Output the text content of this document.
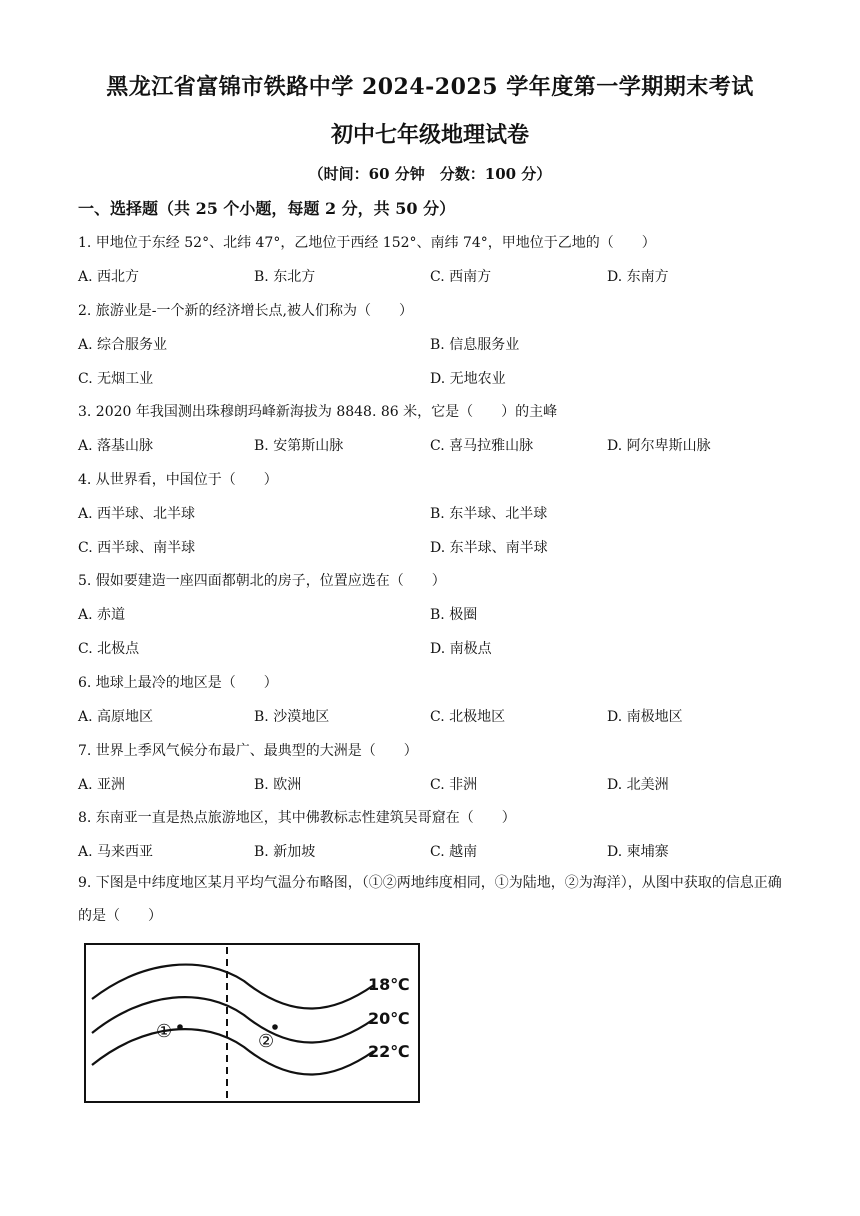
黑龙江省富锦市铁路中学 2024-2025 学年度第一学期期末考试
初中七年级地理试卷
（时间：60 分钟　分数：100 分）
一、选择题（共 25 个小题，每题 2 分，共 50 分）
1. 甲地位于东经 52°、北纬 47°，乙地位于西经 152°、南纬 74°，甲地位于乙地的（　　）
A. 西北方	B. 东北方	C. 西南方	D. 东南方
2. 旅游业是-一个新的经济增长点,被人们称为（　　）
A. 综合服务业	B. 信息服务业
C. 无烟工业	D. 无地农业
3. 2020 年我国测出珠穆朗玛峰新海拔为 8848. 86 米，它是（　　）的主峰
A. 落基山脉	B. 安第斯山脉	C. 喜马拉雅山脉	D. 阿尔卑斯山脉
4. 从世界看，中国位于（　　）
A. 西半球、北半球	B. 东半球、北半球
C. 西半球、南半球	D. 东半球、南半球
5. 假如要建造一座四面都朝北的房子，位置应选在（　　）
A. 赤道	B. 极圈
C. 北极点	D. 南极点
6. 地球上最冷的地区是（　　）
A. 高原地区	B. 沙漠地区	C. 北极地区	D. 南极地区
7. 世界上季风气候分布最广、最典型的大洲是（　　）
A. 亚洲	B. 欧洲	C. 非洲	D. 北美洲
8. 东南亚一直是热点旅游地区，其中佛教标志性建筑吴哥窟在（　　）
A. 马来西亚	B. 新加坡	C. 越南	D. 柬埔寨
9. 下图是中纬度地区某月平均气温分布略图，（①②两地纬度相同，①为陆地，②为海洋），从图中获取的信息正确的是（　　）
18℃
20℃
22℃
①	②
